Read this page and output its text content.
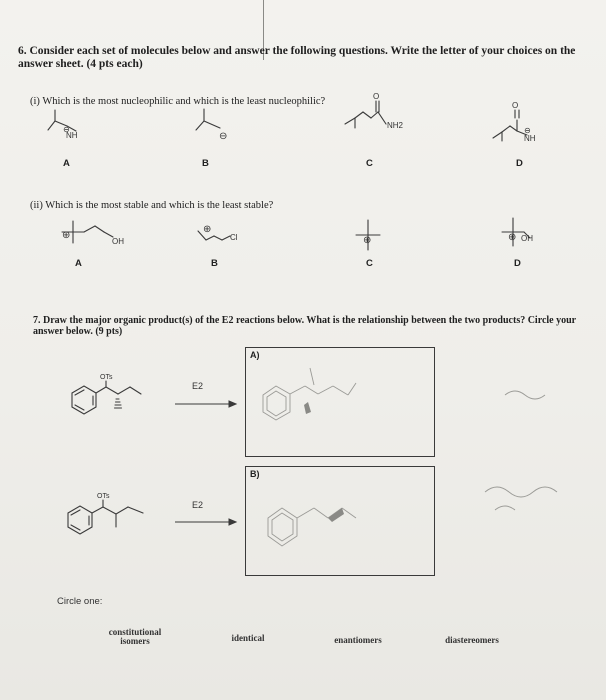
6. Consider each set of molecules below and answer the following questions. Write the letter of your choices on the answer sheet. (4 pts each)
(i) Which is the most nucleophilic and which is the least nucleophilic?
A	B	C	D
(ii) Which is the most stable and which is the least stable?
A	B	C	D
7. Draw the major organic product(s) of the E2 reactions below. What is the relationship between the two products? Circle your answer below. (9 pts)
A)
B)
E2
E2
Circle one:
constitutional isomers	identical	enantiomers	diastereomers
NH
⊖
⊖
O
NH2
O
NH
⊖
⊕
OH
⊕
Cl	⊕	⊕ OH
OTs
OTs
